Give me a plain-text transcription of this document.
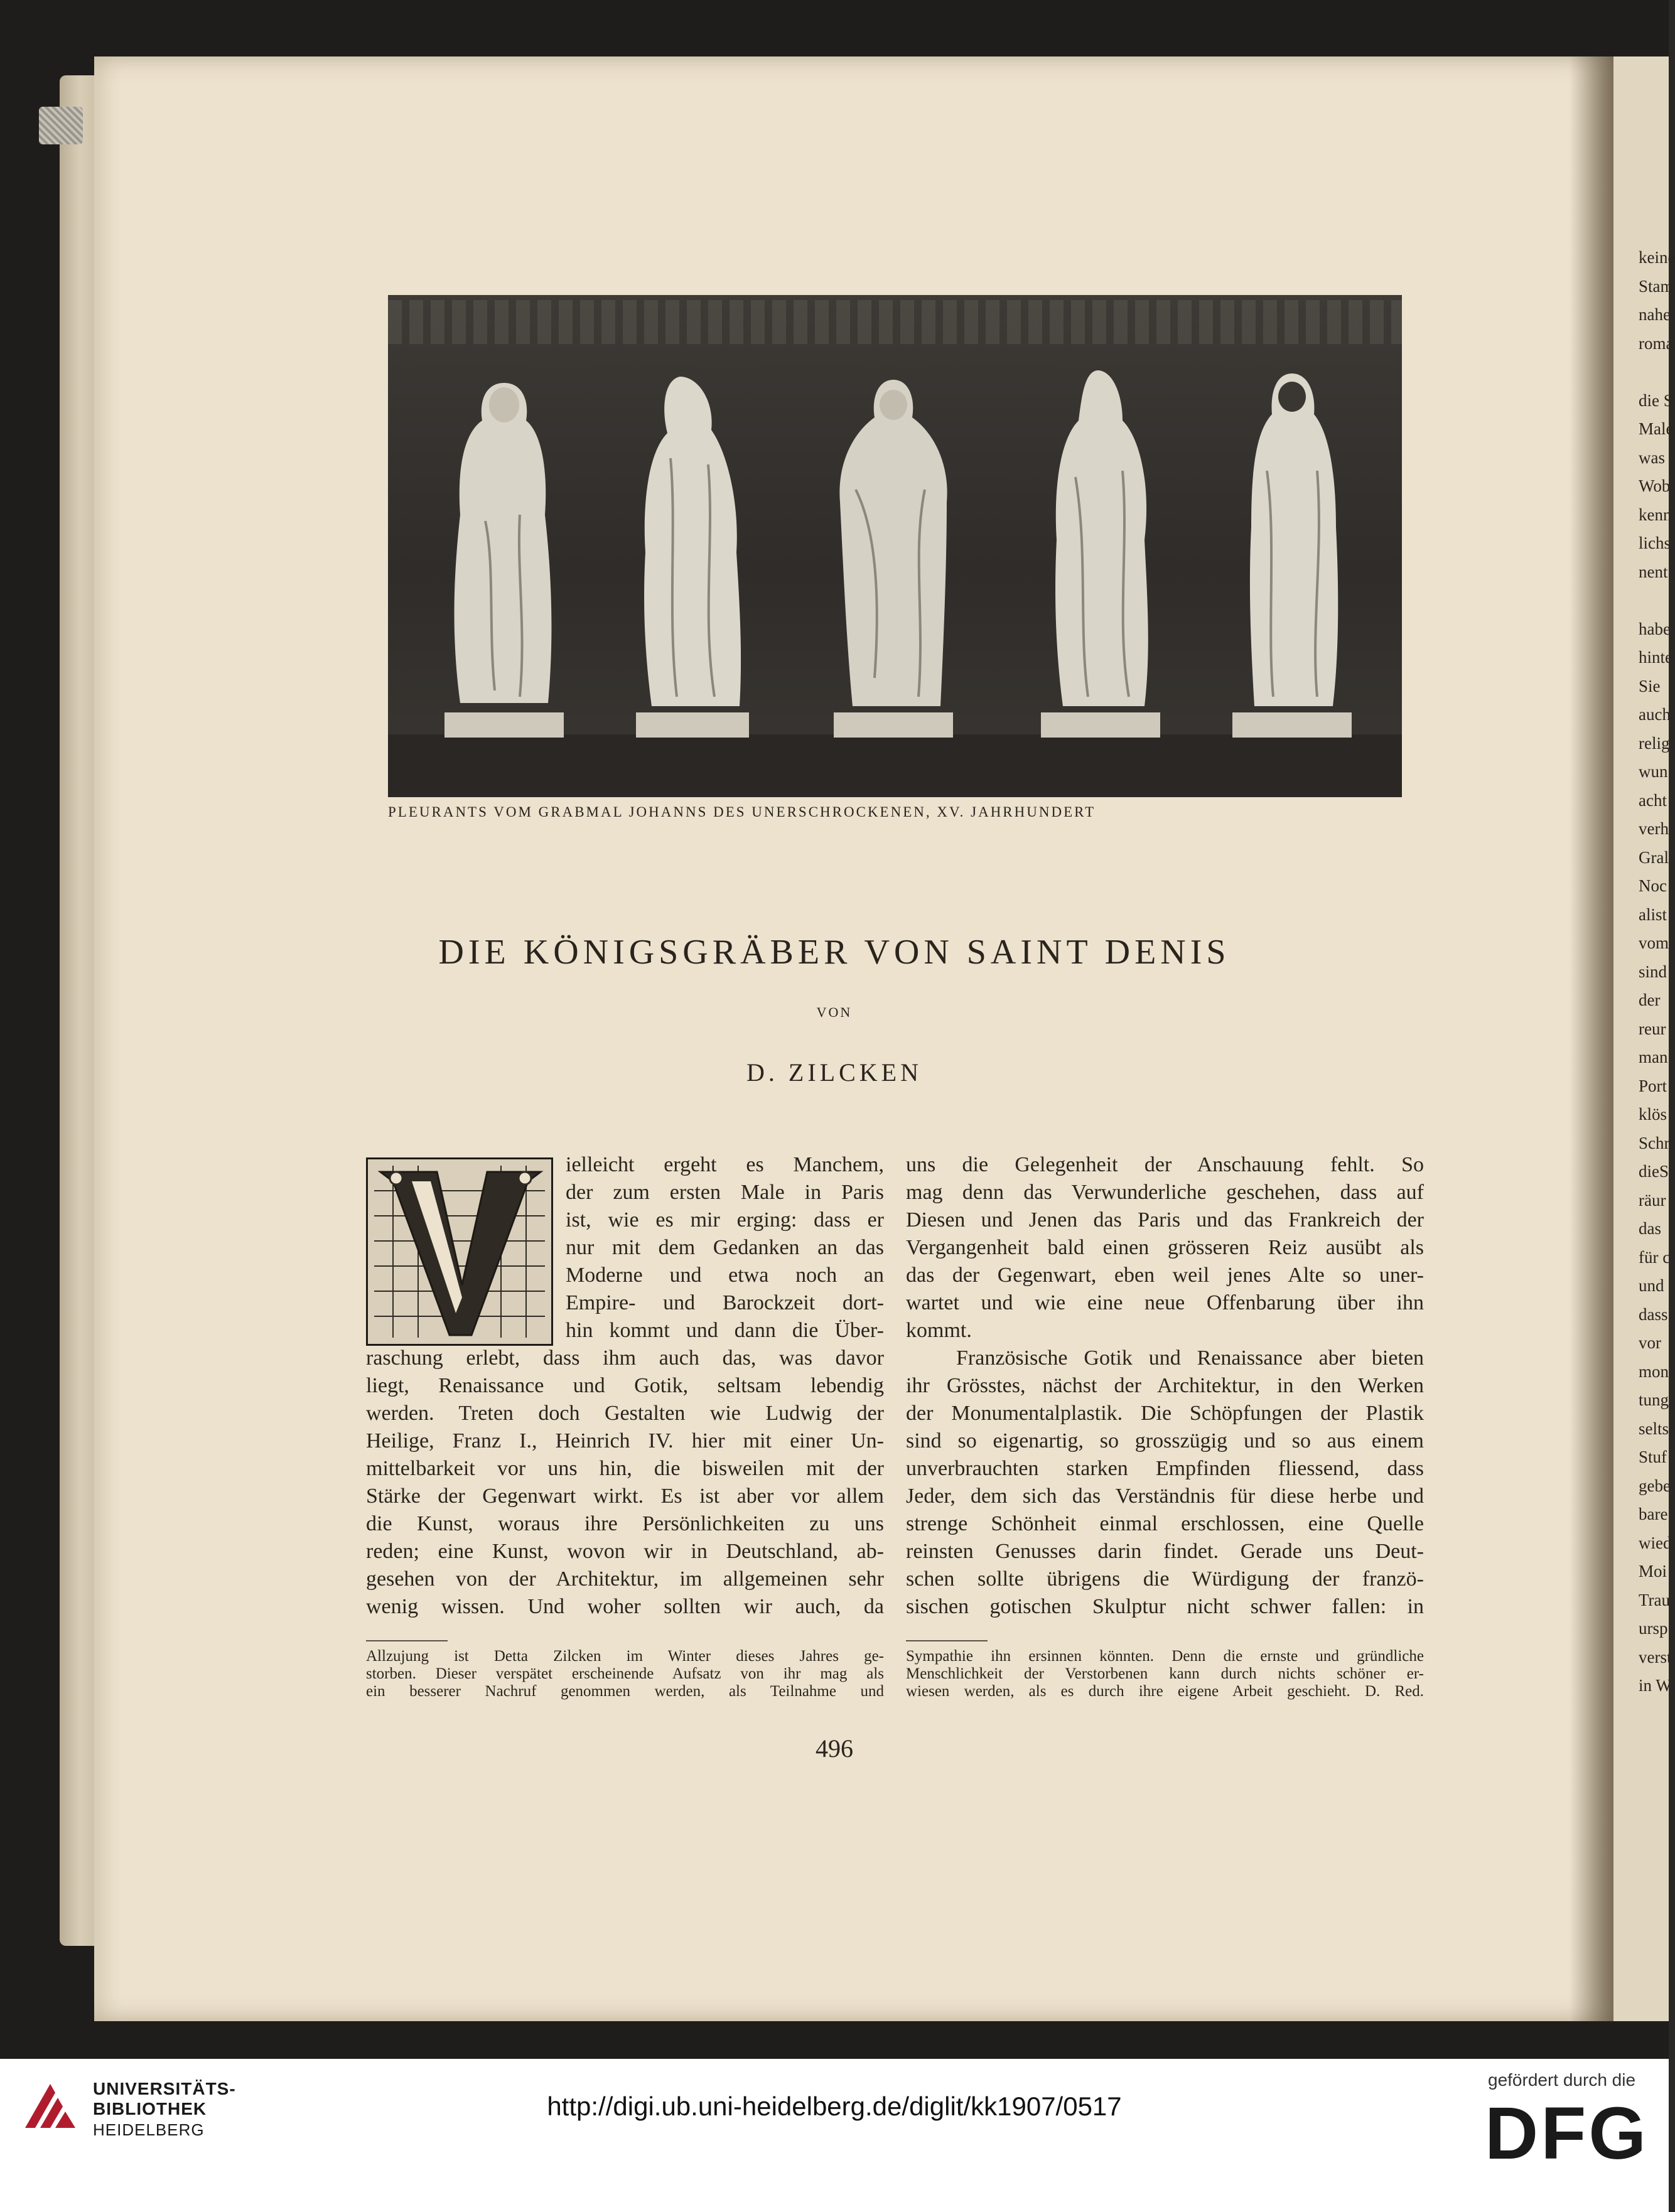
keine
Stam
nahe
roma
die S
Male
was
Wob
kenn
lichs
nent
habe
hinte
Sie
auch
relig
wun
acht
verh
Gral
Noc
alist
vom
sind
der
reur
man
Port
klös
Schr
dieS
räur
das
für c
und
dass
vor
mon
tung
selts
Stuf
gebe
bare
wied
Moi
Trau
ursp
verst
in W
PLEURANTS VOM GRABMAL JOHANNS DES UNERSCHROCKENEN, XV. JAHRHUNDERT
DIE KÖNIGSGRÄBER VON SAINT DENIS
VON
D. ZILCKEN
ielleicht ergeht es Manchem,
der zum ersten Male in Paris
ist, wie es mir erging: dass er
nur mit dem Gedanken an das
Moderne und etwa noch an
Empire- und Barockzeit dort-
hin kommt und dann die Über-
raschung erlebt, dass ihm auch das, was davor
liegt, Renaissance und Gotik, seltsam lebendig
werden. Treten doch Gestalten wie Ludwig der
Heilige, Franz I., Heinrich IV. hier mit einer Un-
mittelbarkeit vor uns hin, die bisweilen mit der
Stärke der Gegenwart wirkt. Es ist aber vor allem
die Kunst, woraus ihre Persönlichkeiten zu uns
reden; eine Kunst, wovon wir in Deutschland, ab-
gesehen von der Architektur, im allgemeinen sehr
wenig wissen. Und woher sollten wir auch, da
uns die Gelegenheit der Anschauung fehlt. So
mag denn das Verwunderliche geschehen, dass auf
Diesen und Jenen das Paris und das Frankreich der
Vergangenheit bald einen grösseren Reiz ausübt als
das der Gegenwart, eben weil jenes Alte so uner-
wartet und wie eine neue Offenbarung über ihn
kommt.
Französische Gotik und Renaissance aber bieten
ihr Grösstes, nächst der Architektur, in den Werken
der Monumentalplastik. Die Schöpfungen der Plastik
sind so eigenartig, so grosszügig und so aus einem
unverbrauchten starken Empfinden fliessend, dass
Jeder, dem sich das Verständnis für diese herbe und
strenge Schönheit einmal erschlossen, eine Quelle
reinsten Genusses darin findet. Gerade uns Deut-
schen sollte übrigens die Würdigung der franzö-
sischen gotischen Skulptur nicht schwer fallen: in
Allzujung ist Detta Zilcken im Winter dieses Jahres ge-
storben. Dieser verspätet erscheinende Aufsatz von ihr mag als
ein besserer Nachruf genommen werden, als Teilnahme und
Sympathie ihn ersinnen könnten. Denn die ernste und gründliche
Menschlichkeit der Verstorbenen kann durch nichts schöner er-
wiesen werden, als es durch ihre eigene Arbeit geschieht. D. Red.
496
UNIVERSITÄTS-
BIBLIOTHEK
HEIDELBERG
http://digi.ub.uni-heidelberg.de/diglit/kk1907/0517
gefördert durch die
DFG
